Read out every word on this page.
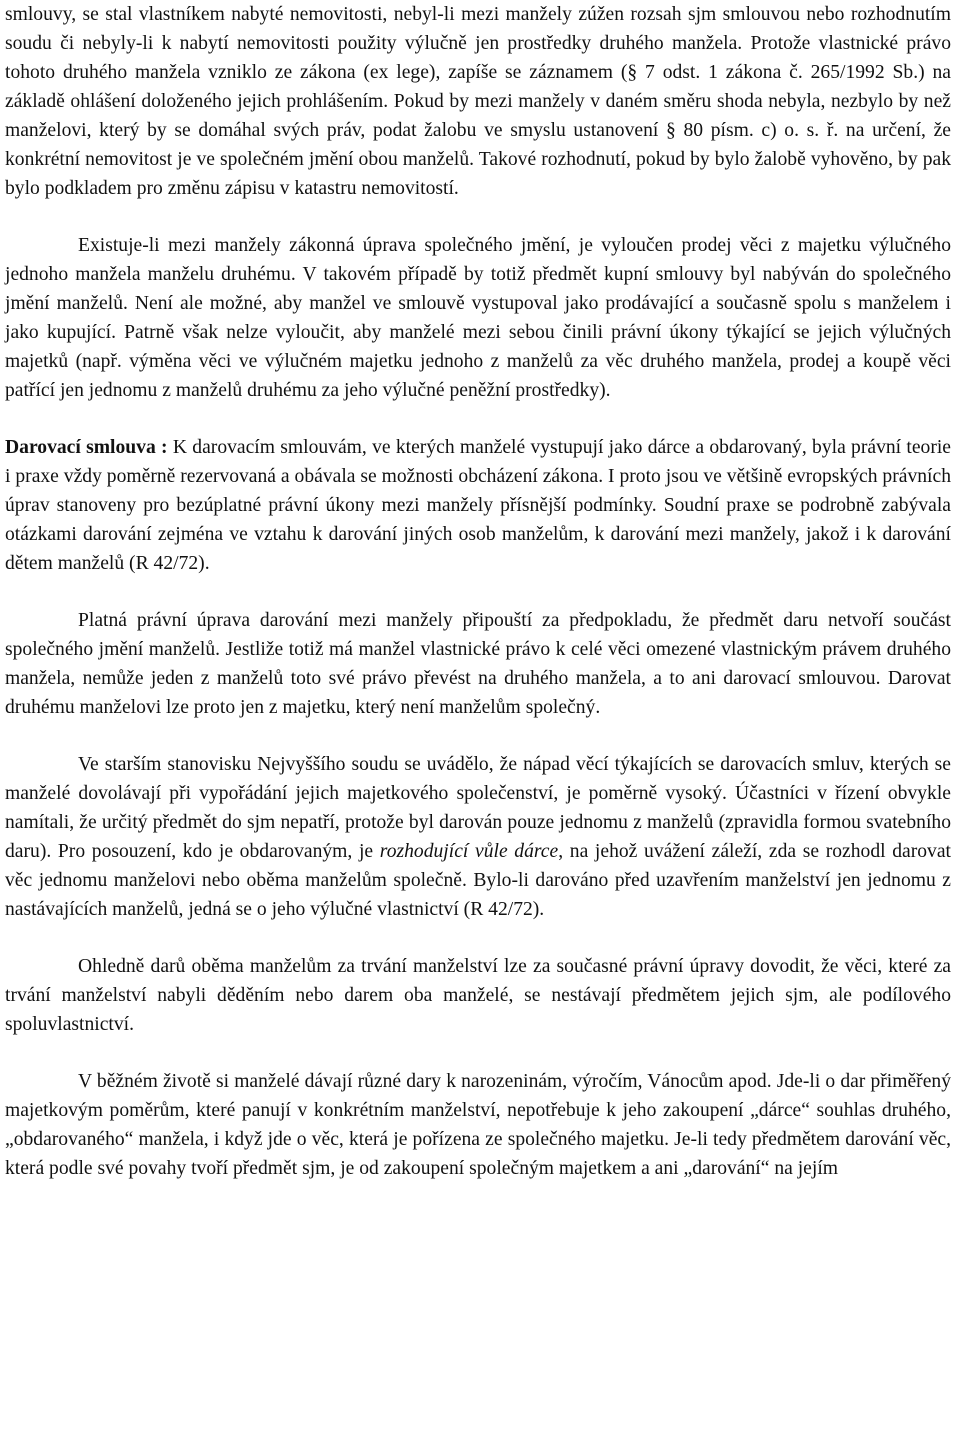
smlouvy, se stal vlastníkem nabyté nemovitosti, nebyl-li mezi manžely zúžen rozsah sjm smlouvou nebo rozhodnutím soudu či nebyly-li k nabytí nemovitosti použity výlučně jen prostředky druhého manžela. Protože vlastnické právo tohoto druhého manžela vzniklo ze zákona (ex lege), zapíše se záznamem (§ 7 odst. 1 zákona č. 265/1992 Sb.) na základě ohlášení doloženého jejich prohlášením. Pokud by mezi manžely v daném směru shoda nebyla, nezbylo by než manželovi, který by se domáhal svých práv, podat žalobu ve smyslu ustanovení § 80 písm. c) o. s. ř. na určení, že konkrétní nemovitost je ve společném jmění obou manželů. Takové rozhodnutí, pokud by bylo žalobě vyhověno, by pak bylo podkladem pro změnu zápisu v katastru nemovitostí.

Existuje-li mezi manžely zákonná úprava společného jmění, je vyloučen prodej věci z majetku výlučného jednoho manžela manželu druhému. V takovém případě by totiž předmět kupní smlouvy byl nabýván do společného jmění manželů. Není ale možné, aby manžel ve smlouvě vystupoval jako prodávající a současně spolu s manželem i jako kupující. Patrně však nelze vyloučit, aby manželé mezi sebou činili právní úkony týkající se jejich výlučných majetků (např. výměna věci ve výlučném majetku jednoho z manželů za věc druhého manžela, prodej a koupě věci patřící jen jednomu z manželů druhému za jeho výlučné peněžní prostředky).

Darovací smlouva : K darovacím smlouvám, ve kterých manželé vystupují jako dárce a obdarovaný, byla právní teorie i praxe vždy poměrně rezervovaná a obávala se možnosti obcházení zákona. I proto jsou ve většině evropských právních úprav stanoveny pro bezúplatné právní úkony mezi manžely přísnější podmínky. Soudní praxe se podrobně zabývala otázkami darování zejména ve vztahu k darování jiných osob manželům, k darování mezi manžely, jakož i k darování dětem manželů (R 42/72).

Platná právní úprava darování mezi manžely připouští za předpokladu, že předmět daru netvoří součást společného jmění manželů. Jestliže totiž má manžel vlastnické právo k celé věci omezené vlastnickým právem druhého manžela, nemůže jeden z manželů toto své právo převést na druhého manžela, a to ani darovací smlouvou. Darovat druhému manželovi lze proto jen z majetku, který není manželům společný.

Ve starším stanovisku Nejvyššího soudu se uvádělo, že nápad věcí týkajících se darovacích smluv, kterých se manželé dovolávají při vypořádání jejich majetkového společenství, je poměrně vysoký. Účastníci v řízení obvykle namítali, že určitý předmět do sjm nepatří, protože byl darován pouze jednomu z manželů (zpravidla formou svatebního daru). Pro posouzení, kdo je obdarovaným, je rozhodující vůle dárce, na jehož uvážení záleží, zda se rozhodl darovat věc jednomu manželovi nebo oběma manželům společně. Bylo-li darováno před uzavřením manželství jen jednomu z nastávajících manželů, jedná se o jeho výlučné vlastnictví (R 42/72).

Ohledně darů oběma manželům za trvání manželství lze za současné právní úpravy dovodit, že věci, které za trvání manželství nabyli děděním nebo darem oba manželé, se nestávají předmětem jejich sjm, ale podílového spoluvlastnictví.

V běžném životě si manželé dávají různé dary k narozeninám, výročím, Vánocům apod. Jde-li o dar přiměřený majetkovým poměrům, které panují v konkrétním manželství, nepotřebuje k jeho zakoupení „dárce“ souhlas druhého, „obdarovaného“ manžela, i když jde o věc, která je pořízena ze společného majetku. Je-li tedy předmětem darování věc, která podle své povahy tvoří předmět sjm, je od zakoupení společným majetkem a ani „darování“ na jejím
